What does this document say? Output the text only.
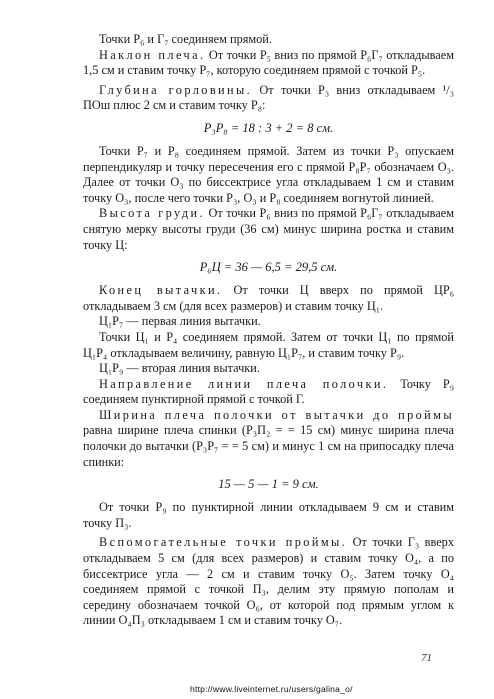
Точки P₆ и Г₇ соединяем прямой.

Наклон плеча. От точки P₅ вниз по прямой P₆Г₇ откладываем 1,5 см и ставим точку P₇, которую соединяем прямой с точкой P₅.

Глубина горловины. От точки P₃ вниз откладываем ¹/₃ ПОш плюс 2 см и ставим точку P₈:

P₃P₈ = 18 : 3 + 2 = 8 см.

Точки P₇ и P₈ соединяем прямой. Затем из точки P₃ опускаем перпендикуляр и точку пересечения его с прямой P₈P₇ обозначаем O₃. Далее от точки O₃ по биссектрисе угла откладываем 1 см и ставим точку O₃, после чего точки P₃, O₃ и P₈ соединяем вогнутой линией.

Высота груди. От точки P₆ вниз по прямой P₆Г₇ откладываем снятую мерку высоты груди (36 см) минус ширина ростка и ставим точку Ц:

P₆Ц = 36 — 6,5 = 29,5 см.

Конец вытачки. От точки Ц вверх по прямой ЦP₆ откладываем 3 см (для всех размеров) и ставим точку Ц₁.

Ц₁P₇ — первая линия вытачки.

Точки Ц₁ и P₄ соединяем прямой. Затем от точки Ц₁ по прямой Ц₁P₄ откладываем величину, равную Ц₁P₇, и ставим точку P₉.

Ц₁P₉ — вторая линия вытачки.

Направление линии плеча полочки. Точку P₉ соединяем пунктирной прямой с точкой Г.

Ширина плеча полочки от вытачки до проймы равна ширине плеча спинки (P₃П₂ = = 15 см) минус ширина плеча полочки до вытачки (P₃P₇ = = 5 см) и минус 1 см на припосадку плеча спинки:

15 — 5 — 1 = 9 см.

От точки P₉ по пунктирной линии откладываем 9 см и ставим точку П₃.

Вспомогательные точки проймы. От точки Г₃ вверх откладываем 5 см (для всех размеров) и ставим точку O₄, а по биссектрисе угла — 2 см и ставим точку O₅. Затем точку O₄ соединяем прямой с точкой П₃, делим эту прямую пополам и середину обозначаем точкой O₆, от которой под прямым углом к линии O₄П₃ откладываем 1 см и ставим точку O₇.

71
http://www.liveinternet.ru/users/galina_o/
